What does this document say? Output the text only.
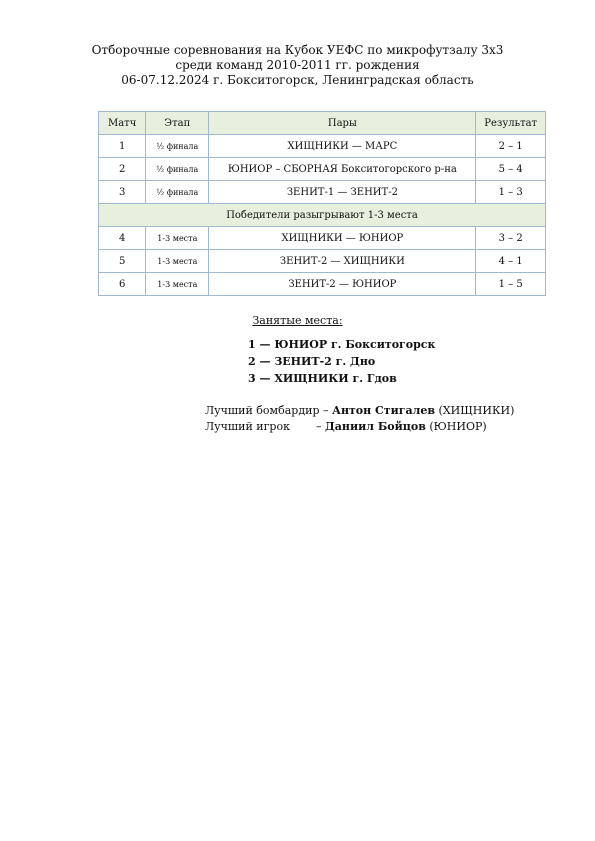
Отборочные соревнования на Кубок УЕФС по микрофутзалу 3х3
среди команд 2010-2011 гг. рождения
06-07.12.2024 г. Бокситогорск, Ленинградская область
Матч	Этап	Пары	Результат
1	½ финала	ХИЩНИКИ — МАРС	2 – 1
2	½ финала	ЮНИОР – СБОРНАЯ Бокситогорского р-на	5 – 4
3	½ финала	ЗЕНИТ-1 — ЗЕНИТ-2	1 – 3
Победители разыгрывают 1-3 места			
4	1-3 места	ХИЩНИКИ — ЮНИОР	3 – 2
5	1-3 места	ЗЕНИТ-2 — ХИЩНИКИ	4 – 1
6	1-3 места	ЗЕНИТ-2 — ЮНИОР	1 – 5
Занятые места:
1 — ЮНИОР г. Бокситогорск
2 — ЗЕНИТ-2 г. Дно
3 — ХИЩНИКИ г. Гдов
Лучший бомбардир – Антон Стигалев (ХИЩНИКИ)
Лучший игрок – Даниил Бойцов (ЮНИОР)
